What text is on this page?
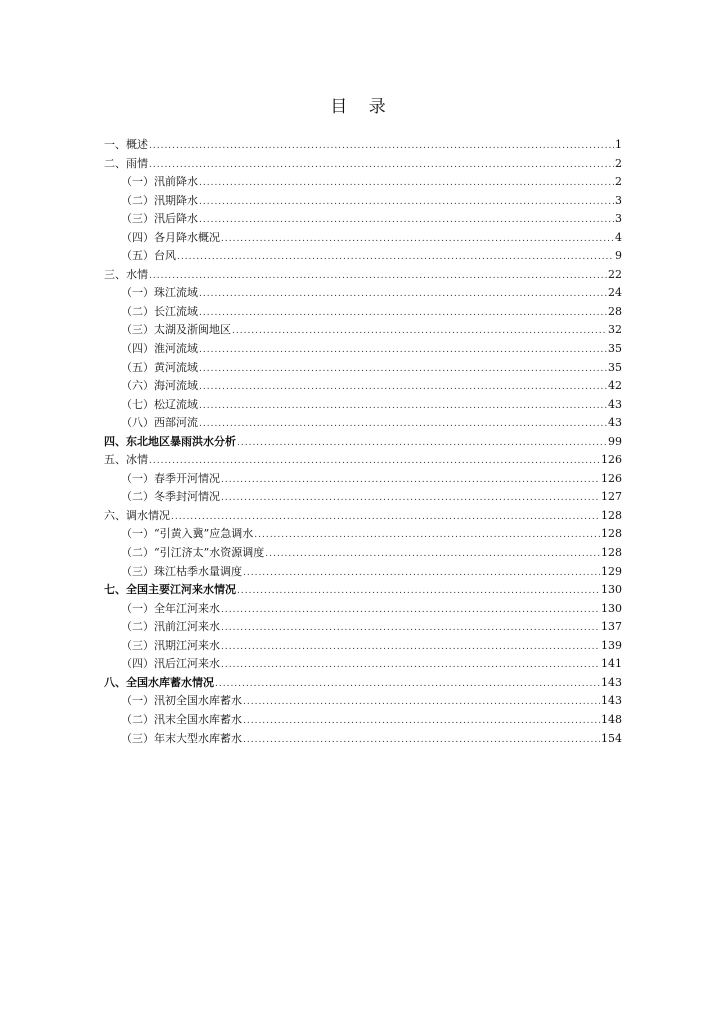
目 录
一、概述 .....	1
二、雨情 .....	2
（一）汛前降水 .....	2
（二）汛期降水 .....	3
（三）汛后降水 .....	3
（四）各月降水概况 .....	4
（五）台风 .....	9
三、水情 .....	22
（一）珠江流域 .....	24
（二）长江流域 .....	28
（三）太湖及浙闽地区 .....	32
（四）淮河流域 .....	35
（五）黄河流域 .....	35
（六）海河流域 .....	42
（七）松辽流域 .....	43
（八）西部河流 .....	43
四、东北地区暴雨洪水分析 .....	99
五、冰情 .....	126
（一）春季开河情况 .....	126
（二）冬季封河情况 .....	127
六、调水情况 .....	128
（一）“引黄入冀”应急调水 .....	128
（二）“引江济太”水资源调度 .....	128
（三）珠江枯季水量调度 .....	129
七、全国主要江河来水情况 .....	130
（一）全年江河来水 .....	130
（二）汛前江河来水 .....	137
（三）汛期江河来水 .....	139
（四）汛后江河来水 .....	141
八、全国水库蓄水情况 .....	143
（一）汛初全国水库蓄水 .....	143
（二）汛末全国水库蓄水 .....	148
（三）年末大型水库蓄水 .....	154
